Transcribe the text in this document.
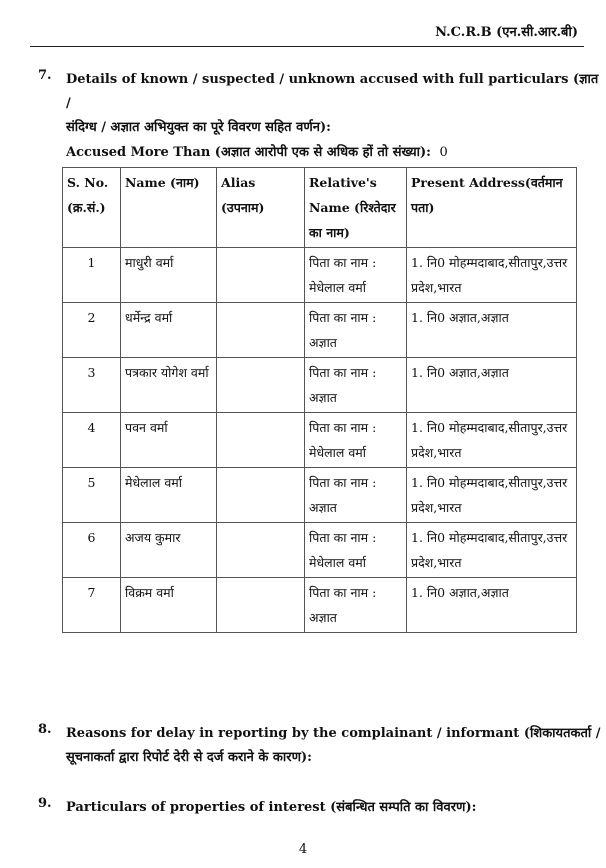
N.C.R.B (एन.सी.आर.बी)
7. Details of known / suspected / unknown accused with full particulars (ज्ञात /
संदिग्ध / अज्ञात अभियुक्त का पूरे विवरण सहित वर्णन):
Accused More Than (अज्ञात आरोपी एक से अधिक हों तो संख्या): 0
S. No. (क्र.सं.)	Name (नाम)	Alias (उपनाम)	Relative's Name (रिश्तेदार का नाम)	Present Address(वर्तमान पता)
1	माधुरी वर्मा		पिता का नाम : मेधेलाल वर्मा	1. नि0 मोहम्मदाबाद,सीतापुर,उत्तर प्रदेश,भारत
2	धर्मेन्द्र वर्मा		पिता का नाम : अज्ञात	1. नि0 अज्ञात,अज्ञात
3	पत्रकार योगेश वर्मा		पिता का नाम : अज्ञात	1. नि0 अज्ञात,अज्ञात
4	पवन वर्मा		पिता का नाम : मेधेलाल वर्मा	1. नि0 मोहम्मदाबाद,सीतापुर,उत्तर प्रदेश,भारत
5	मेधेलाल वर्मा		पिता का नाम : अज्ञात	1. नि0 मोहम्मदाबाद,सीतापुर,उत्तर प्रदेश,भारत
6	अजय कुमार		पिता का नाम : मेधेलाल वर्मा	1. नि0 मोहम्मदाबाद,सीतापुर,उत्तर प्रदेश,भारत
7	विक्रम वर्मा		पिता का नाम : अज्ञात	1. नि0 अज्ञात,अज्ञात
8. Reasons for delay in reporting by the complainant / informant (शिकायतकर्ता /
सूचनाकर्ता द्वारा रिपोर्ट देरी से दर्ज कराने के कारण):
9. Particulars of properties of interest (संबन्धित सम्पति का विवरण):
4
